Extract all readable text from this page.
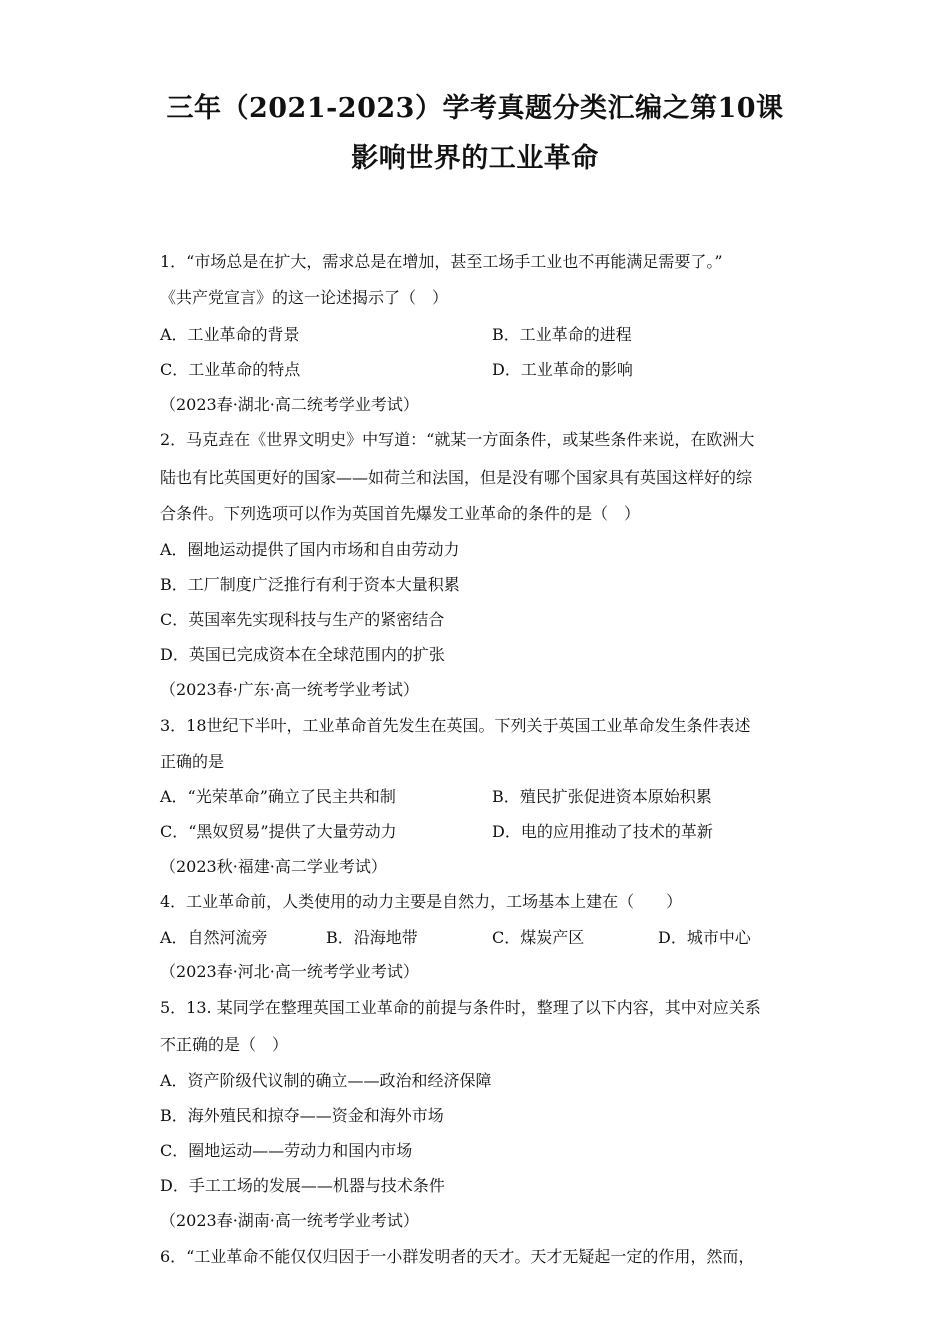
三年（2021-2023）学考真题分类汇编之第10课
影响世界的工业革命
1．“市场总是在扩大，需求总是在增加，甚至工场手工业也不再能满足需要了。”
《共产党宣言》的这一论述揭示了（　）
A．工业革命的背景	B．工业革命的进程
C．工业革命的特点	D．工业革命的影响
（2023春·湖北·高二统考学业考试）
2．马克垚在《世界文明史》中写道：“就某一方面条件，或某些条件来说，在欧洲大
陆也有比英国更好的国家——如荷兰和法国，但是没有哪个国家具有英国这样好的综
合条件。下列选项可以作为英国首先爆发工业革命的条件的是（　）
A．圈地运动提供了国内市场和自由劳动力
B．工厂制度广泛推行有利于资本大量积累
C．英国率先实现科技与生产的紧密结合
D．英国已完成资本在全球范围内的扩张
（2023春·广东·高一统考学业考试）
3．18世纪下半叶，工业革命首先发生在英国。下列关于英国工业革命发生条件表述
正确的是
A．“光荣革命”确立了民主共和制	B．殖民扩张促进资本原始积累
C．“黑奴贸易”提供了大量劳动力	D．电的应用推动了技术的革新
（2023秋·福建·高二学业考试）
4．工业革命前，人类使用的动力主要是自然力，工场基本上建在（　　）
A．自然河流旁	B．沿海地带	C．煤炭产区	D．城市中心
（2023春·河北·高一统考学业考试）
5．13. 某同学在整理英国工业革命的前提与条件时，整理了以下内容，其中对应关系
不正确的是（　）
A．资产阶级代议制的确立——政治和经济保障
B．海外殖民和掠夺——资金和海外市场
C．圈地运动——劳动力和国内市场
D．手工工场的发展——机器与技术条件
（2023春·湖南·高一统考学业考试）
6．“工业革命不能仅仅归因于一小群发明者的天才。天才无疑起一定的作用，然而，
